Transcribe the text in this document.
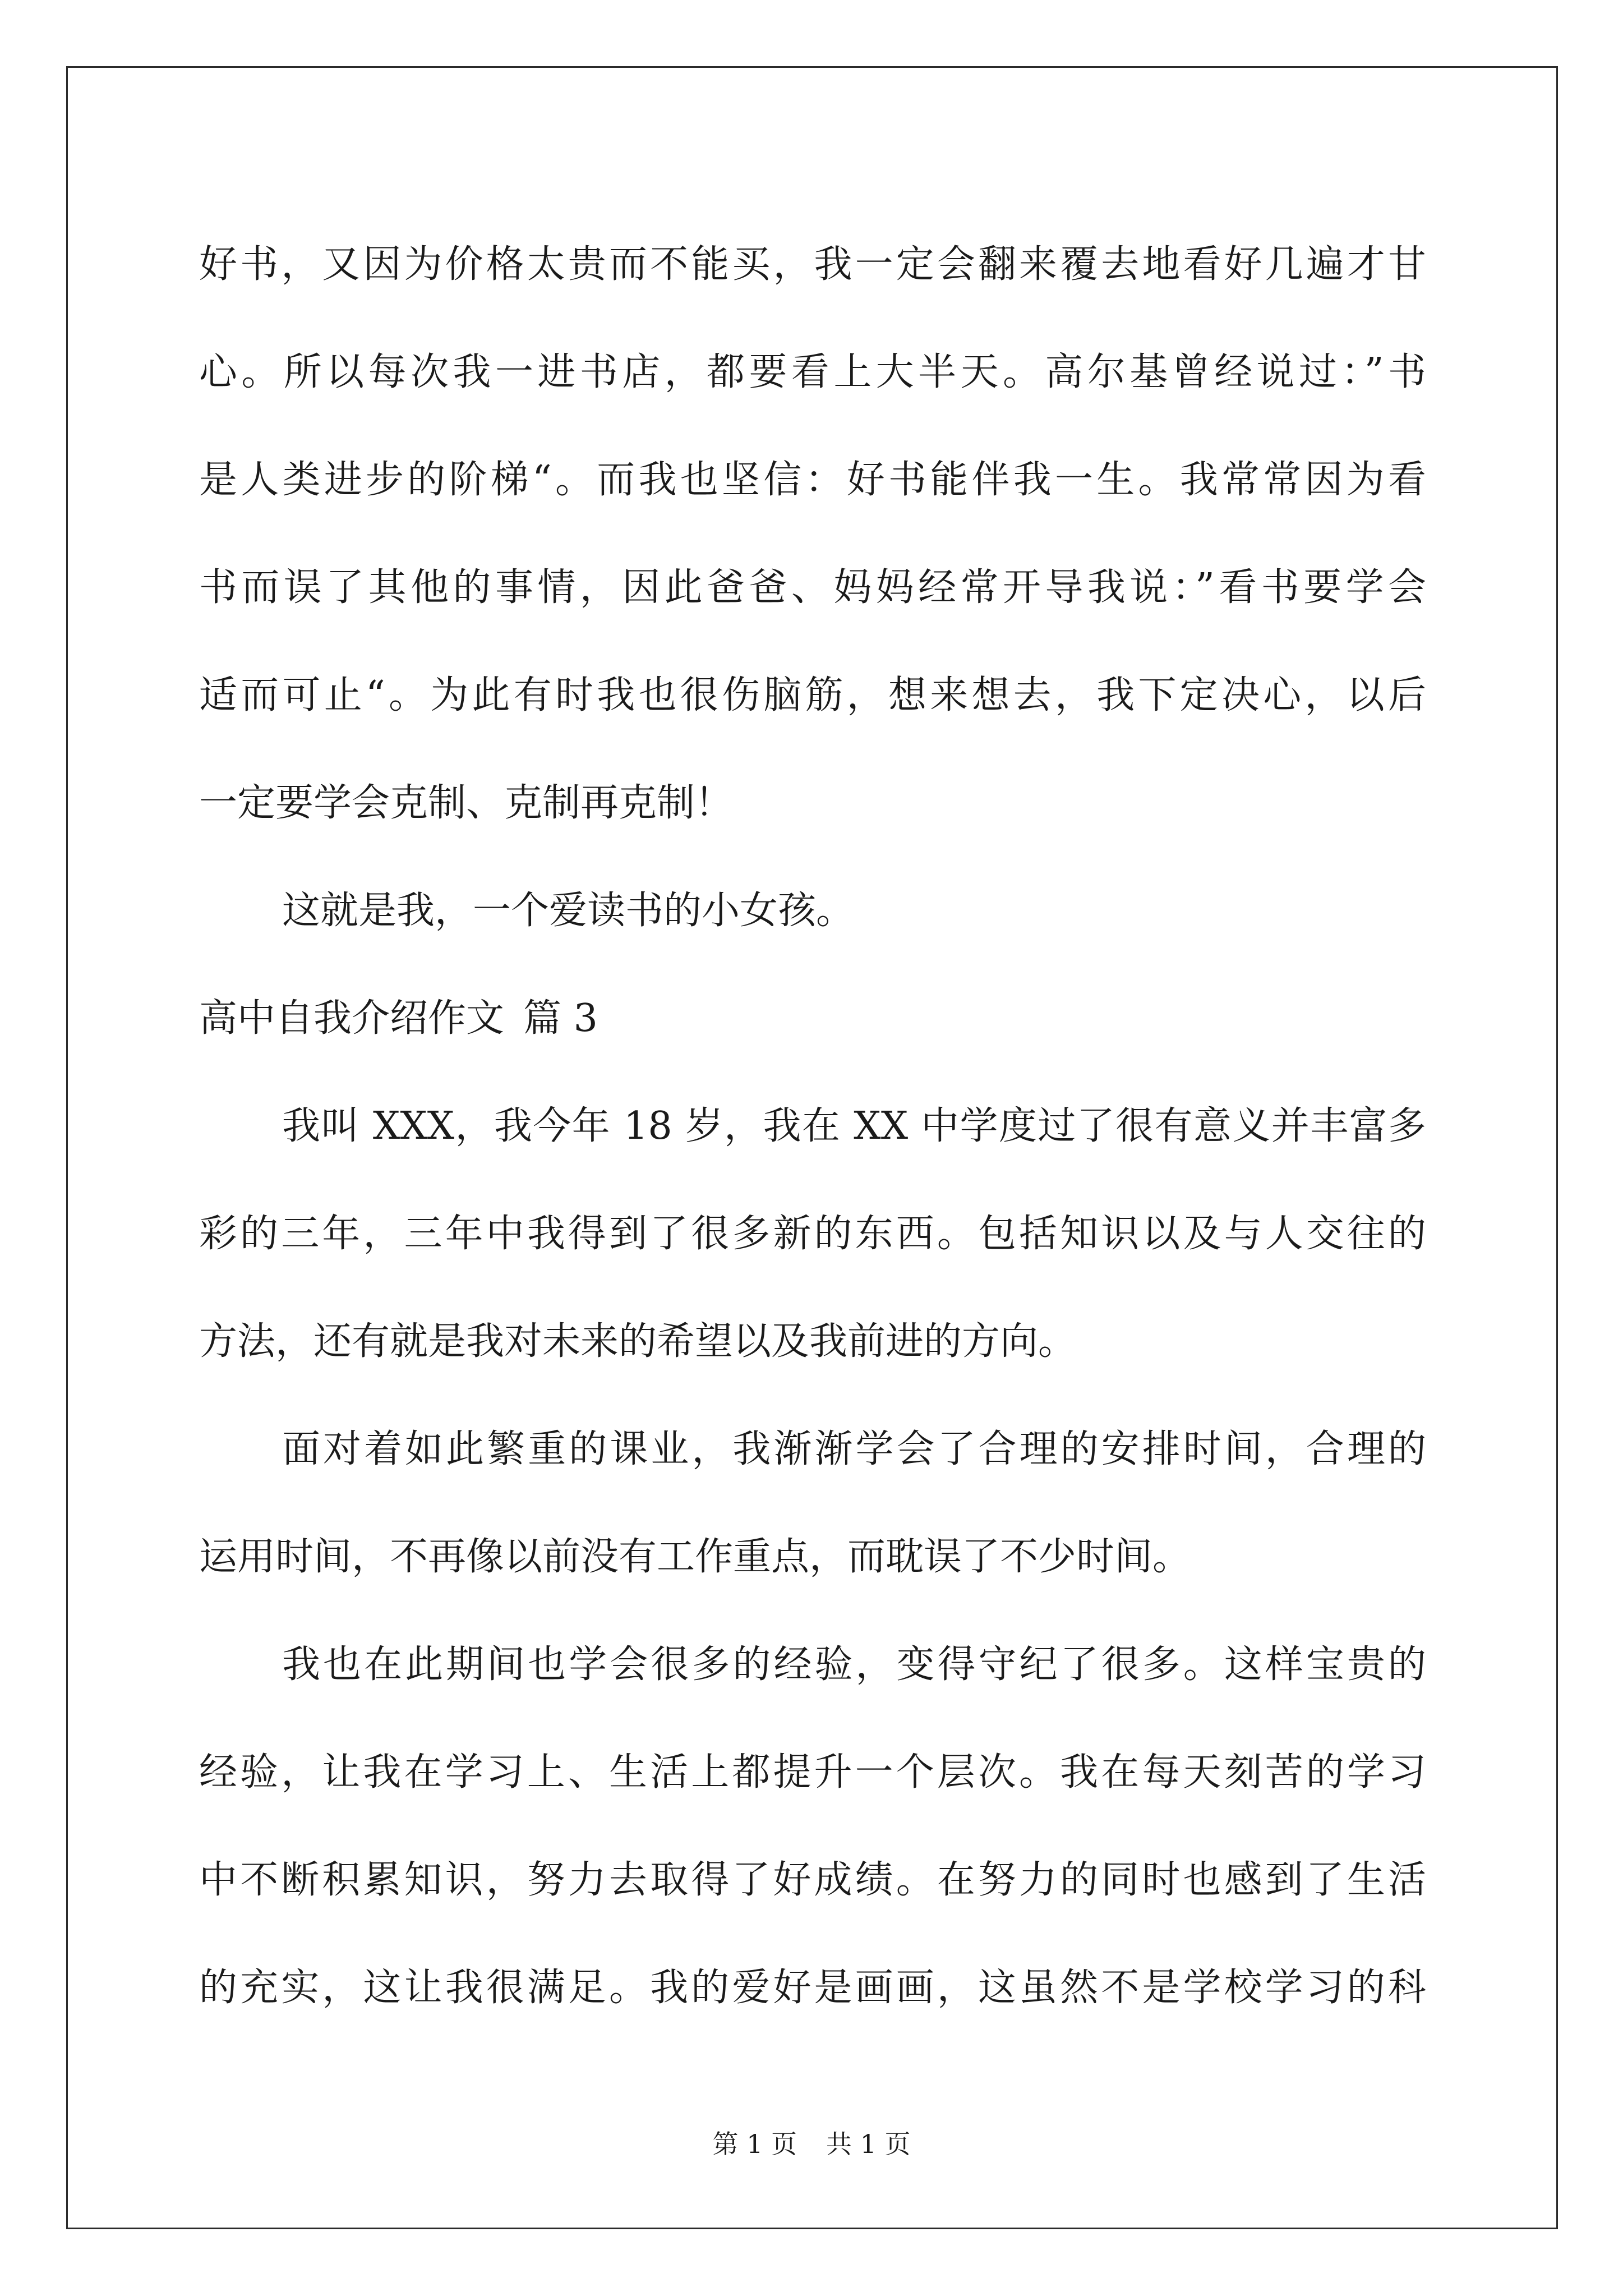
好书，又因为价格太贵而不能买，我一定会翻来覆去地看好几遍才甘
心。所以每次我一进书店，都要看上大半天。高尔基曾经说过：”书
是人类进步的阶梯“。而我也坚信：好书能伴我一生。我常常因为看
书而误了其他的事情，因此爸爸、妈妈经常开导我说：”看书要学会
适而可止“。为此有时我也很伤脑筋，想来想去，我下定决心，以后
一定要学会克制、克制再克制！
这就是我，一个爱读书的小女孩。
高中自我介绍作文 篇 3
我叫 XXX，我今年 18 岁，我在 XX 中学度过了很有意义并丰富多
彩的三年，三年中我得到了很多新的东西。包括知识以及与人交往的
方法，还有就是我对未来的希望以及我前进的方向。
面对着如此繁重的课业，我渐渐学会了合理的安排时间，合理的
运用时间，不再像以前没有工作重点，而耽误了不少时间。
我也在此期间也学会很多的经验，变得守纪了很多。这样宝贵的
经验，让我在学习上、生活上都提升一个层次。我在每天刻苦的学习
中不断积累知识，努力去取得了好成绩。在努力的同时也感到了生活
的充实，这让我很满足。我的爱好是画画，这虽然不是学校学习的科
第 1 页 共 1 页
